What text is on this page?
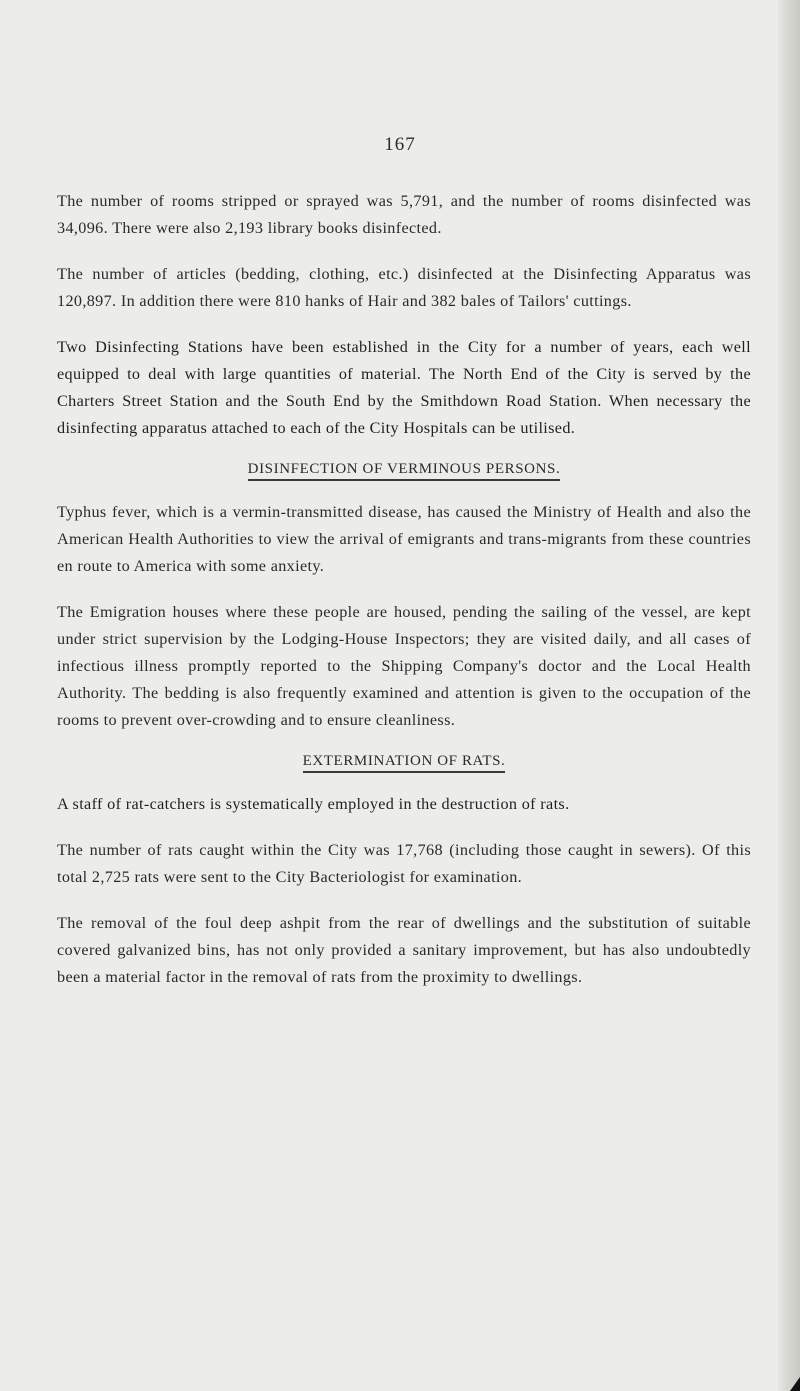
167

The number of rooms stripped or sprayed was 5,791, and the number of rooms disinfected was 34,096. There were also 2,193 library books disinfected.

The number of articles (bedding, clothing, etc.) disinfected at the Disinfecting Apparatus was 120,897. In addition there were 810 hanks of Hair and 382 bales of Tailors' cuttings.

Two Disinfecting Stations have been established in the City for a number of years, each well equipped to deal with large quantities of material. The North End of the City is served by the Charters Street Station and the South End by the Smithdown Road Station. When necessary the disinfecting apparatus attached to each of the City Hospitals can be utilised.

DISINFECTION OF VERMINOUS PERSONS.

Typhus fever, which is a vermin-transmitted disease, has caused the Ministry of Health and also the American Health Authorities to view the arrival of emigrants and trans-migrants from these countries en route to America with some anxiety.

The Emigration houses where these people are housed, pending the sailing of the vessel, are kept under strict supervision by the Lodging-House Inspectors; they are visited daily, and all cases of infectious illness promptly reported to the Shipping Company's doctor and the Local Health Authority. The bedding is also frequently examined and attention is given to the occupation of the rooms to prevent over-crowding and to ensure cleanliness.

EXTERMINATION OF RATS.

A staff of rat-catchers is systematically employed in the destruction of rats.

The number of rats caught within the City was 17,768 (including those caught in sewers). Of this total 2,725 rats were sent to the City Bacteriologist for examination.

The removal of the foul deep ashpit from the rear of dwellings and the substitution of suitable covered galvanized bins, has not only provided a sanitary improvement, but has also undoubtedly been a material factor in the removal of rats from the proximity to dwellings.
